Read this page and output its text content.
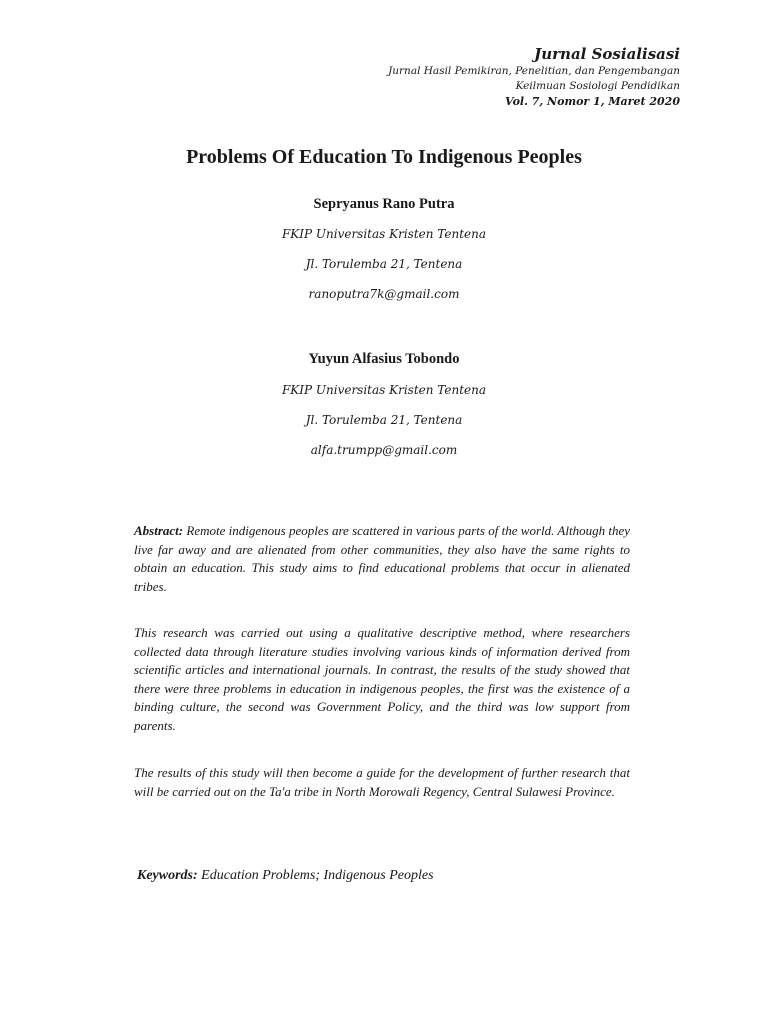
Jurnal Sosialisasi
Jurnal Hasil Pemikiran, Penelitian, dan Pengembangan
Keilmuan Sosiologi Pendidikan
Vol. 7, Nomor 1, Maret 2020
Problems Of Education To Indigenous Peoples

Sepryanus Rano Putra

FKIP Universitas Kristen Tentena

Jl. Torulemba 21, Tentena

ranoputra7k@gmail.com

Yuyun Alfasius Tobondo

FKIP Universitas Kristen Tentena

Jl. Torulemba 21, Tentena

alfa.trumpp@gmail.com

Abstract: Remote indigenous peoples are scattered in various parts of the world. Although they live far away and are alienated from other communities, they also have the same rights to obtain an education. This study aims to find educational problems that occur in alienated tribes.

This research was carried out using a qualitative descriptive method, where researchers collected data through literature studies involving various kinds of information derived from scientific articles and international journals. In contrast, the results of the study showed that there were three problems in education in indigenous peoples, the first was the existence of a binding culture, the second was Government Policy, and the third was low support from parents.

The results of this study will then become a guide for the development of further research that will be carried out on the Ta'a tribe in North Morowali Regency, Central Sulawesi Province.

Keywords: Education Problems; Indigenous Peoples
